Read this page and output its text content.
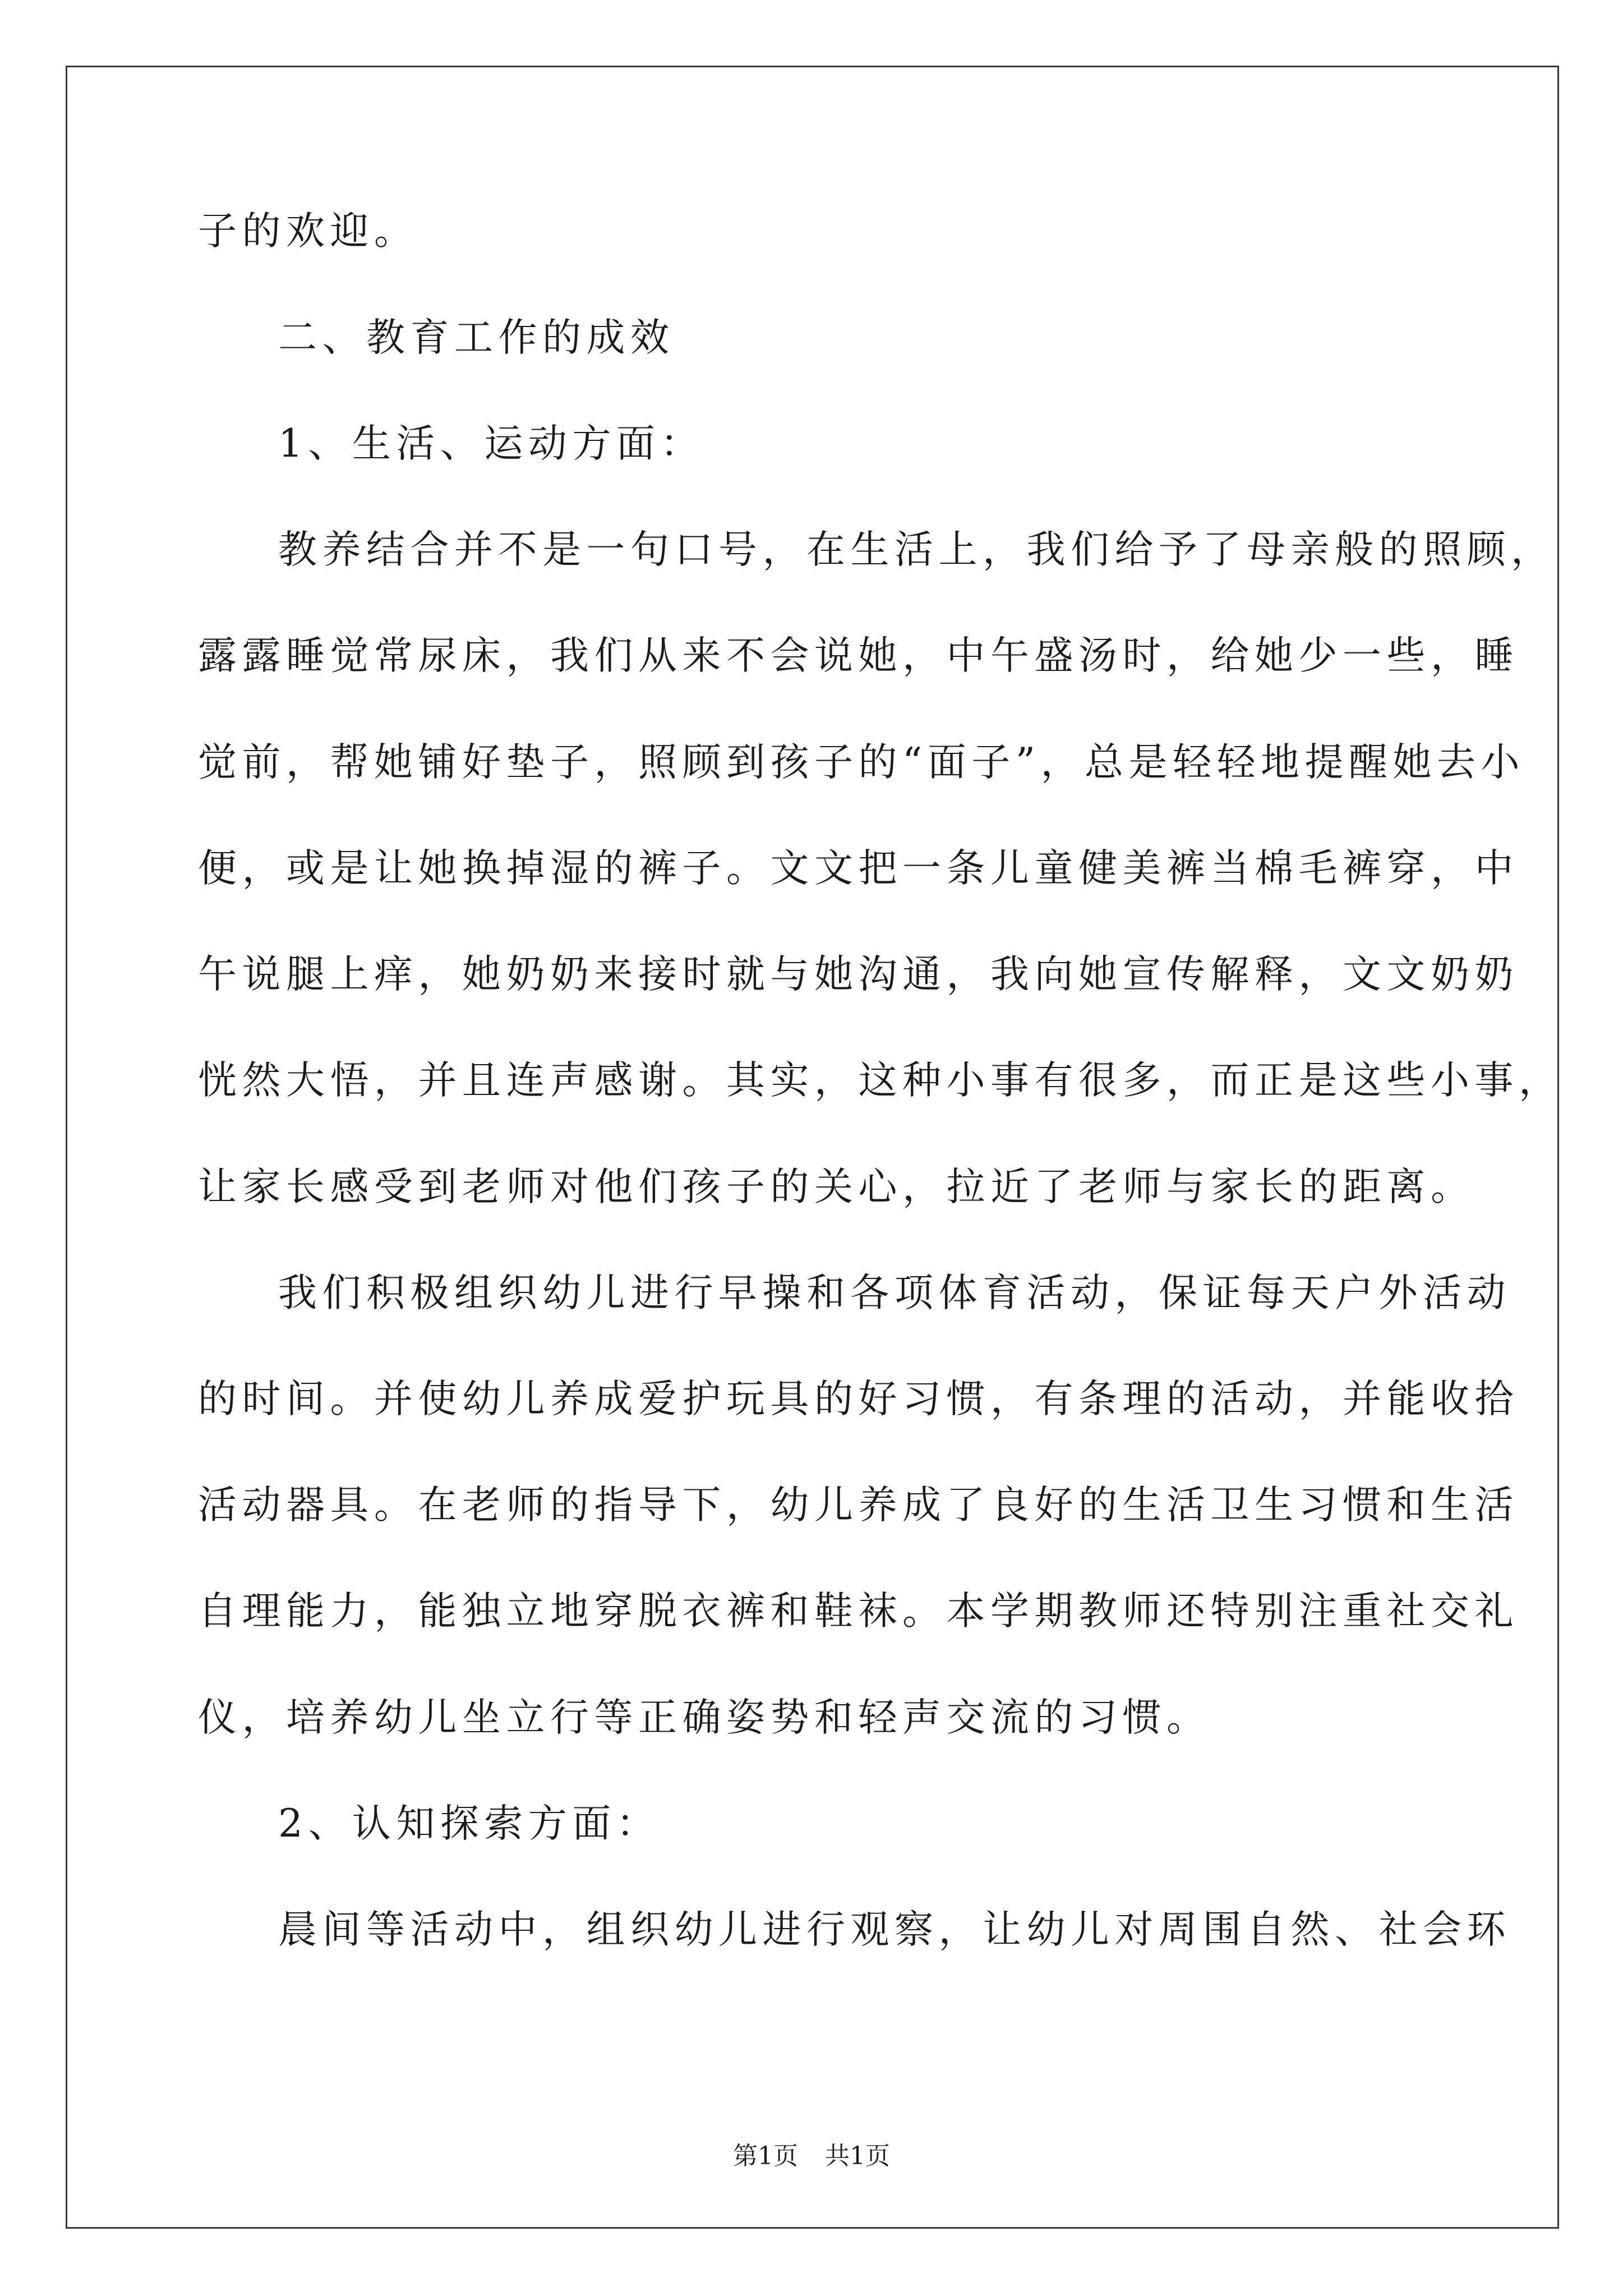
子的欢迎。
二、教育工作的成效
1、生活、运动方面：
教养结合并不是一句口号，在生活上，我们给予了母亲般的照顾，
露露睡觉常尿床，我们从来不会说她，中午盛汤时，给她少一些，睡
觉前，帮她铺好垫子，照顾到孩子的“面子”，总是轻轻地提醒她去小
便，或是让她换掉湿的裤子。文文把一条儿童健美裤当棉毛裤穿，中
午说腿上痒，她奶奶来接时就与她沟通，我向她宣传解释，文文奶奶
恍然大悟，并且连声感谢。其实，这种小事有很多，而正是这些小事，
让家长感受到老师对他们孩子的关心，拉近了老师与家长的距离。
我们积极组织幼儿进行早操和各项体育活动，保证每天户外活动
的时间。并使幼儿养成爱护玩具的好习惯，有条理的活动，并能收拾
活动器具。在老师的指导下，幼儿养成了良好的生活卫生习惯和生活
自理能力，能独立地穿脱衣裤和鞋袜。本学期教师还特别注重社交礼
仪，培养幼儿坐立行等正确姿势和轻声交流的习惯。
2、认知探索方面：
晨间等活动中，组织幼儿进行观察，让幼儿对周围自然、社会环
第1页 共1页
